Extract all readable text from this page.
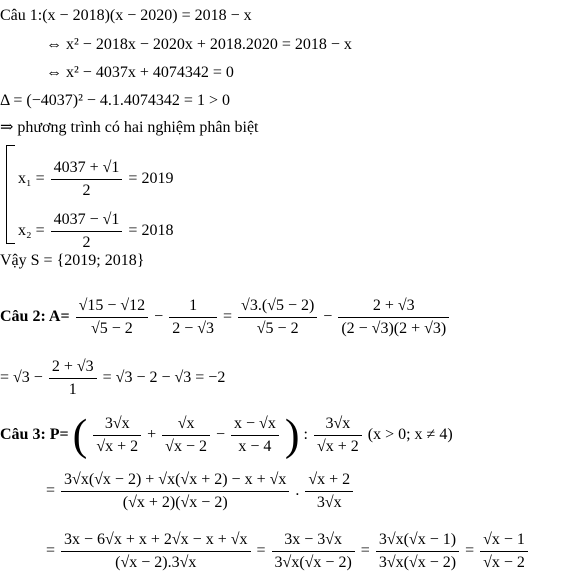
Câu 1:(x − 2018)(x − 2020) = 2018 − x
⇔ x² − 2018x − 2020x + 2018.2020 = 2018 − x
⇔ x² − 4037x + 4074342 = 0
Δ = (−4037)² − 4.1.4074342 = 1 > 0
⇒ phương trình có hai nghiệm phân biệt
$x_1 = \frac{4037 + √1}{2} = 2019$
$x_2 = \frac{4037 - √1}{2} = 2018$
Vậy S = {2019; 2018}
Câu 2: $A= \frac{√15 - √12}{√5 - 2} - \frac{1}{2 - √3} = \frac{√3.(√5 - 2)}{√5 - 2} - \frac{2 + √3}{(2 - √3)(2 + √3)}$
= $√3 - \frac{2 + √3}{1} = √3 - 2 - √3 = -2$
Câu 3: P= ( $\frac{3√x}{√x + 2} + \frac{√x}{√x - 2} - \frac{x - √x}{x - 4}$ ) : $\frac{3√x}{√x + 2} (x > 0$; x ≠ 4)
= $\frac{3√x(√x - 2) + √x(√x + 2) - x + √x}{(√x + 2)(√x - 2)}$ . $\frac{√x + 2}{3√x}$
= $\frac{3x - 6√x + x + 2√x - x + √x}{(√x - 2).3√x} = \frac{3x - 3√x}{3√x(√x - 2)} = \frac{3√x(√x - 1)}{3√x(√x - 2)} = \frac{√x - 1}{√x - 2}$
